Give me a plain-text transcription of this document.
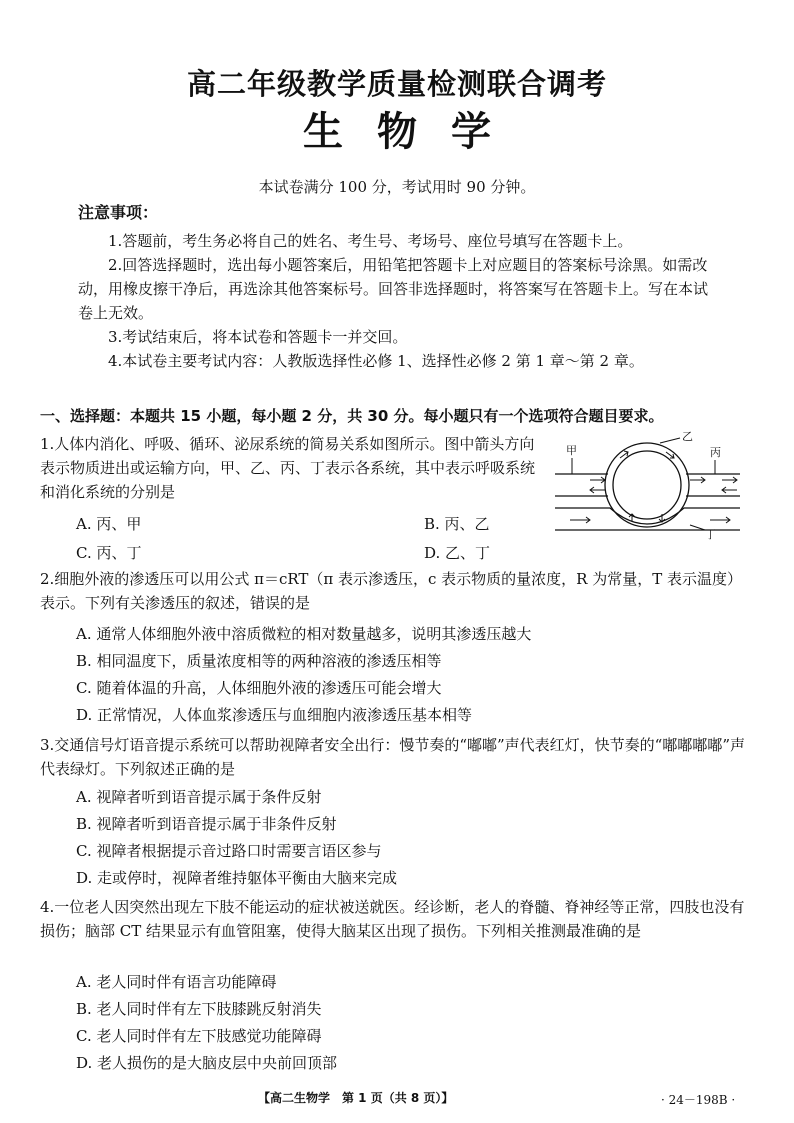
高二年级教学质量检测联合调考
生物学
本试卷满分 100 分，考试用时 90 分钟。
注意事项：
1.答题前，考生务必将自己的姓名、考生号、考场号、座位号填写在答题卡上。
2.回答选择题时，选出每小题答案后，用铅笔把答题卡上对应题目的答案标号涂黑。如需改动，用橡皮擦干净后，再选涂其他答案标号。回答非选择题时，将答案写在答题卡上。写在本试卷上无效。
3.考试结束后，将本试卷和答题卡一并交回。
4.本试卷主要考试内容：人教版选择性必修 1、选择性必修 2 第 1 章～第 2 章。
一、选择题：本题共 15 小题，每小题 2 分，共 30 分。每小题只有一个选项符合题目要求。
1.人体内消化、呼吸、循环、泌尿系统的简易关系如图所示。图中箭头方向表示物质进出或运输方向，甲、乙、丙、丁表示各系统，其中表示呼吸系统和消化系统的分别是
A. 丙、甲	B. 丙、乙
C. 丙、丁	D. 乙、丁
甲
乙
丙
丁
2.细胞外液的渗透压可以用公式 π＝cRT（π 表示渗透压，c 表示物质的量浓度，R 为常量，T 表示温度）表示。下列有关渗透压的叙述，错误的是
A. 通常人体细胞外液中溶质微粒的相对数量越多，说明其渗透压越大
B. 相同温度下，质量浓度相等的两种溶液的渗透压相等
C. 随着体温的升高，人体细胞外液的渗透压可能会增大
D. 正常情况，人体血浆渗透压与血细胞内液渗透压基本相等
3.交通信号灯语音提示系统可以帮助视障者安全出行：慢节奏的“嘟嘟”声代表红灯，快节奏的“嘟嘟嘟嘟”声代表绿灯。下列叙述正确的是
A. 视障者听到语音提示属于条件反射
B. 视障者听到语音提示属于非条件反射
C. 视障者根据提示音过路口时需要言语区参与
D. 走或停时，视障者维持躯体平衡由大脑来完成
4.一位老人因突然出现左下肢不能运动的症状被送就医。经诊断，老人的脊髓、脊神经等正常，四肢也没有损伤；脑部 CT 结果显示有血管阻塞，使得大脑某区出现了损伤。下列相关推测最准确的是
A. 老人同时伴有语言功能障碍
B. 老人同时伴有左下肢膝跳反射消失
C. 老人同时伴有左下肢感觉功能障碍
D. 老人损伤的是大脑皮层中央前回顶部
【高二生物学　第 1 页（共 8 页）】	· 24－198B ·
